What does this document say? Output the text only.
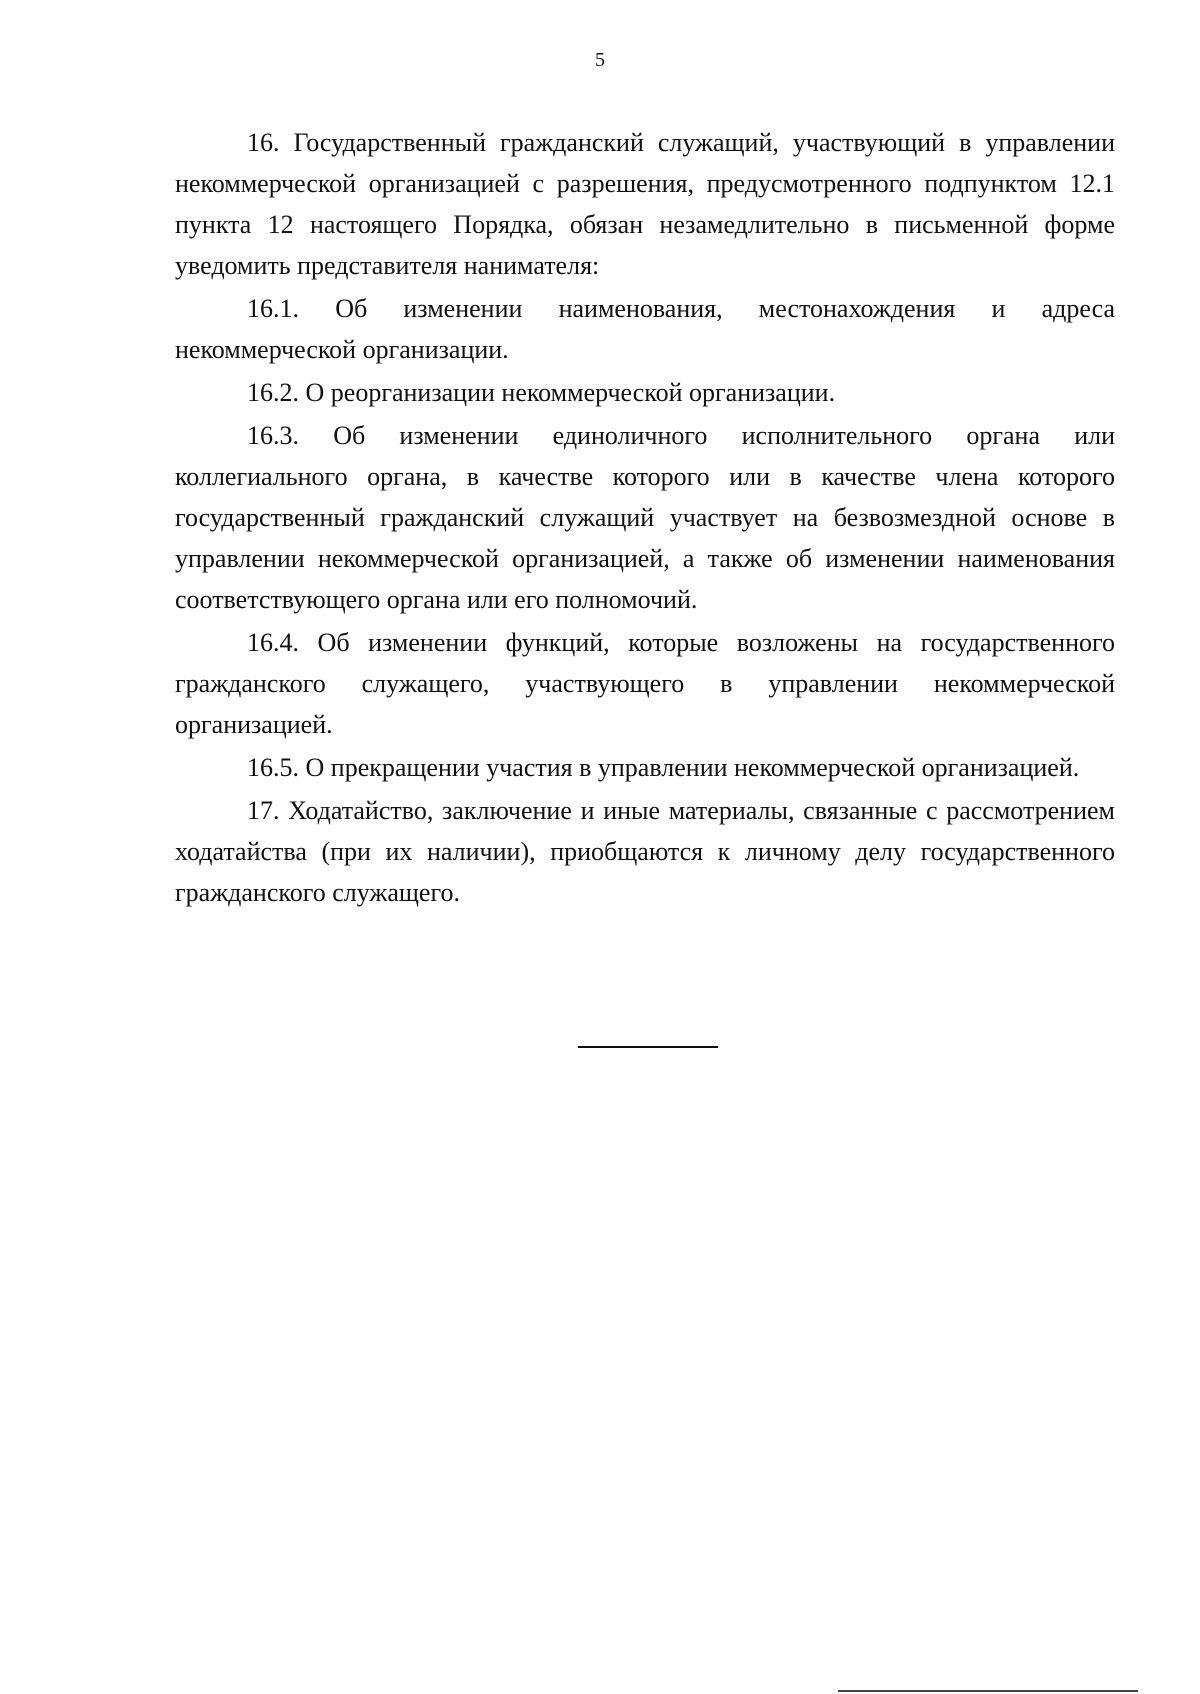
5

16. Государственный гражданский служащий, участвующий в управлении некоммерческой организацией с разрешения, предусмотренного подпунктом 12.1 пункта 12 настоящего Порядка, обязан незамедлительно в письменной форме уведомить представителя нанимателя:

16.1. Об изменении наименования, местонахождения и адреса некоммерческой организации.

16.2. О реорганизации некоммерческой организации.

16.3. Об изменении единоличного исполнительного органа или коллегиального органа, в качестве которого или в качестве члена которого государственный гражданский служащий участвует на безвозмездной основе в управлении некоммерческой организацией, а также об изменении наименования соответствующего органа или его полномочий.

16.4. Об изменении функций, которые возложены на государственного гражданского служащего, участвующего в управлении некоммерческой организацией.

16.5. О прекращении участия в управлении некоммерческой организацией.

17. Ходатайство, заключение и иные материалы, связанные с рассмотрением ходатайства (при их наличии), приобщаются к личному делу государственного гражданского служащего.
